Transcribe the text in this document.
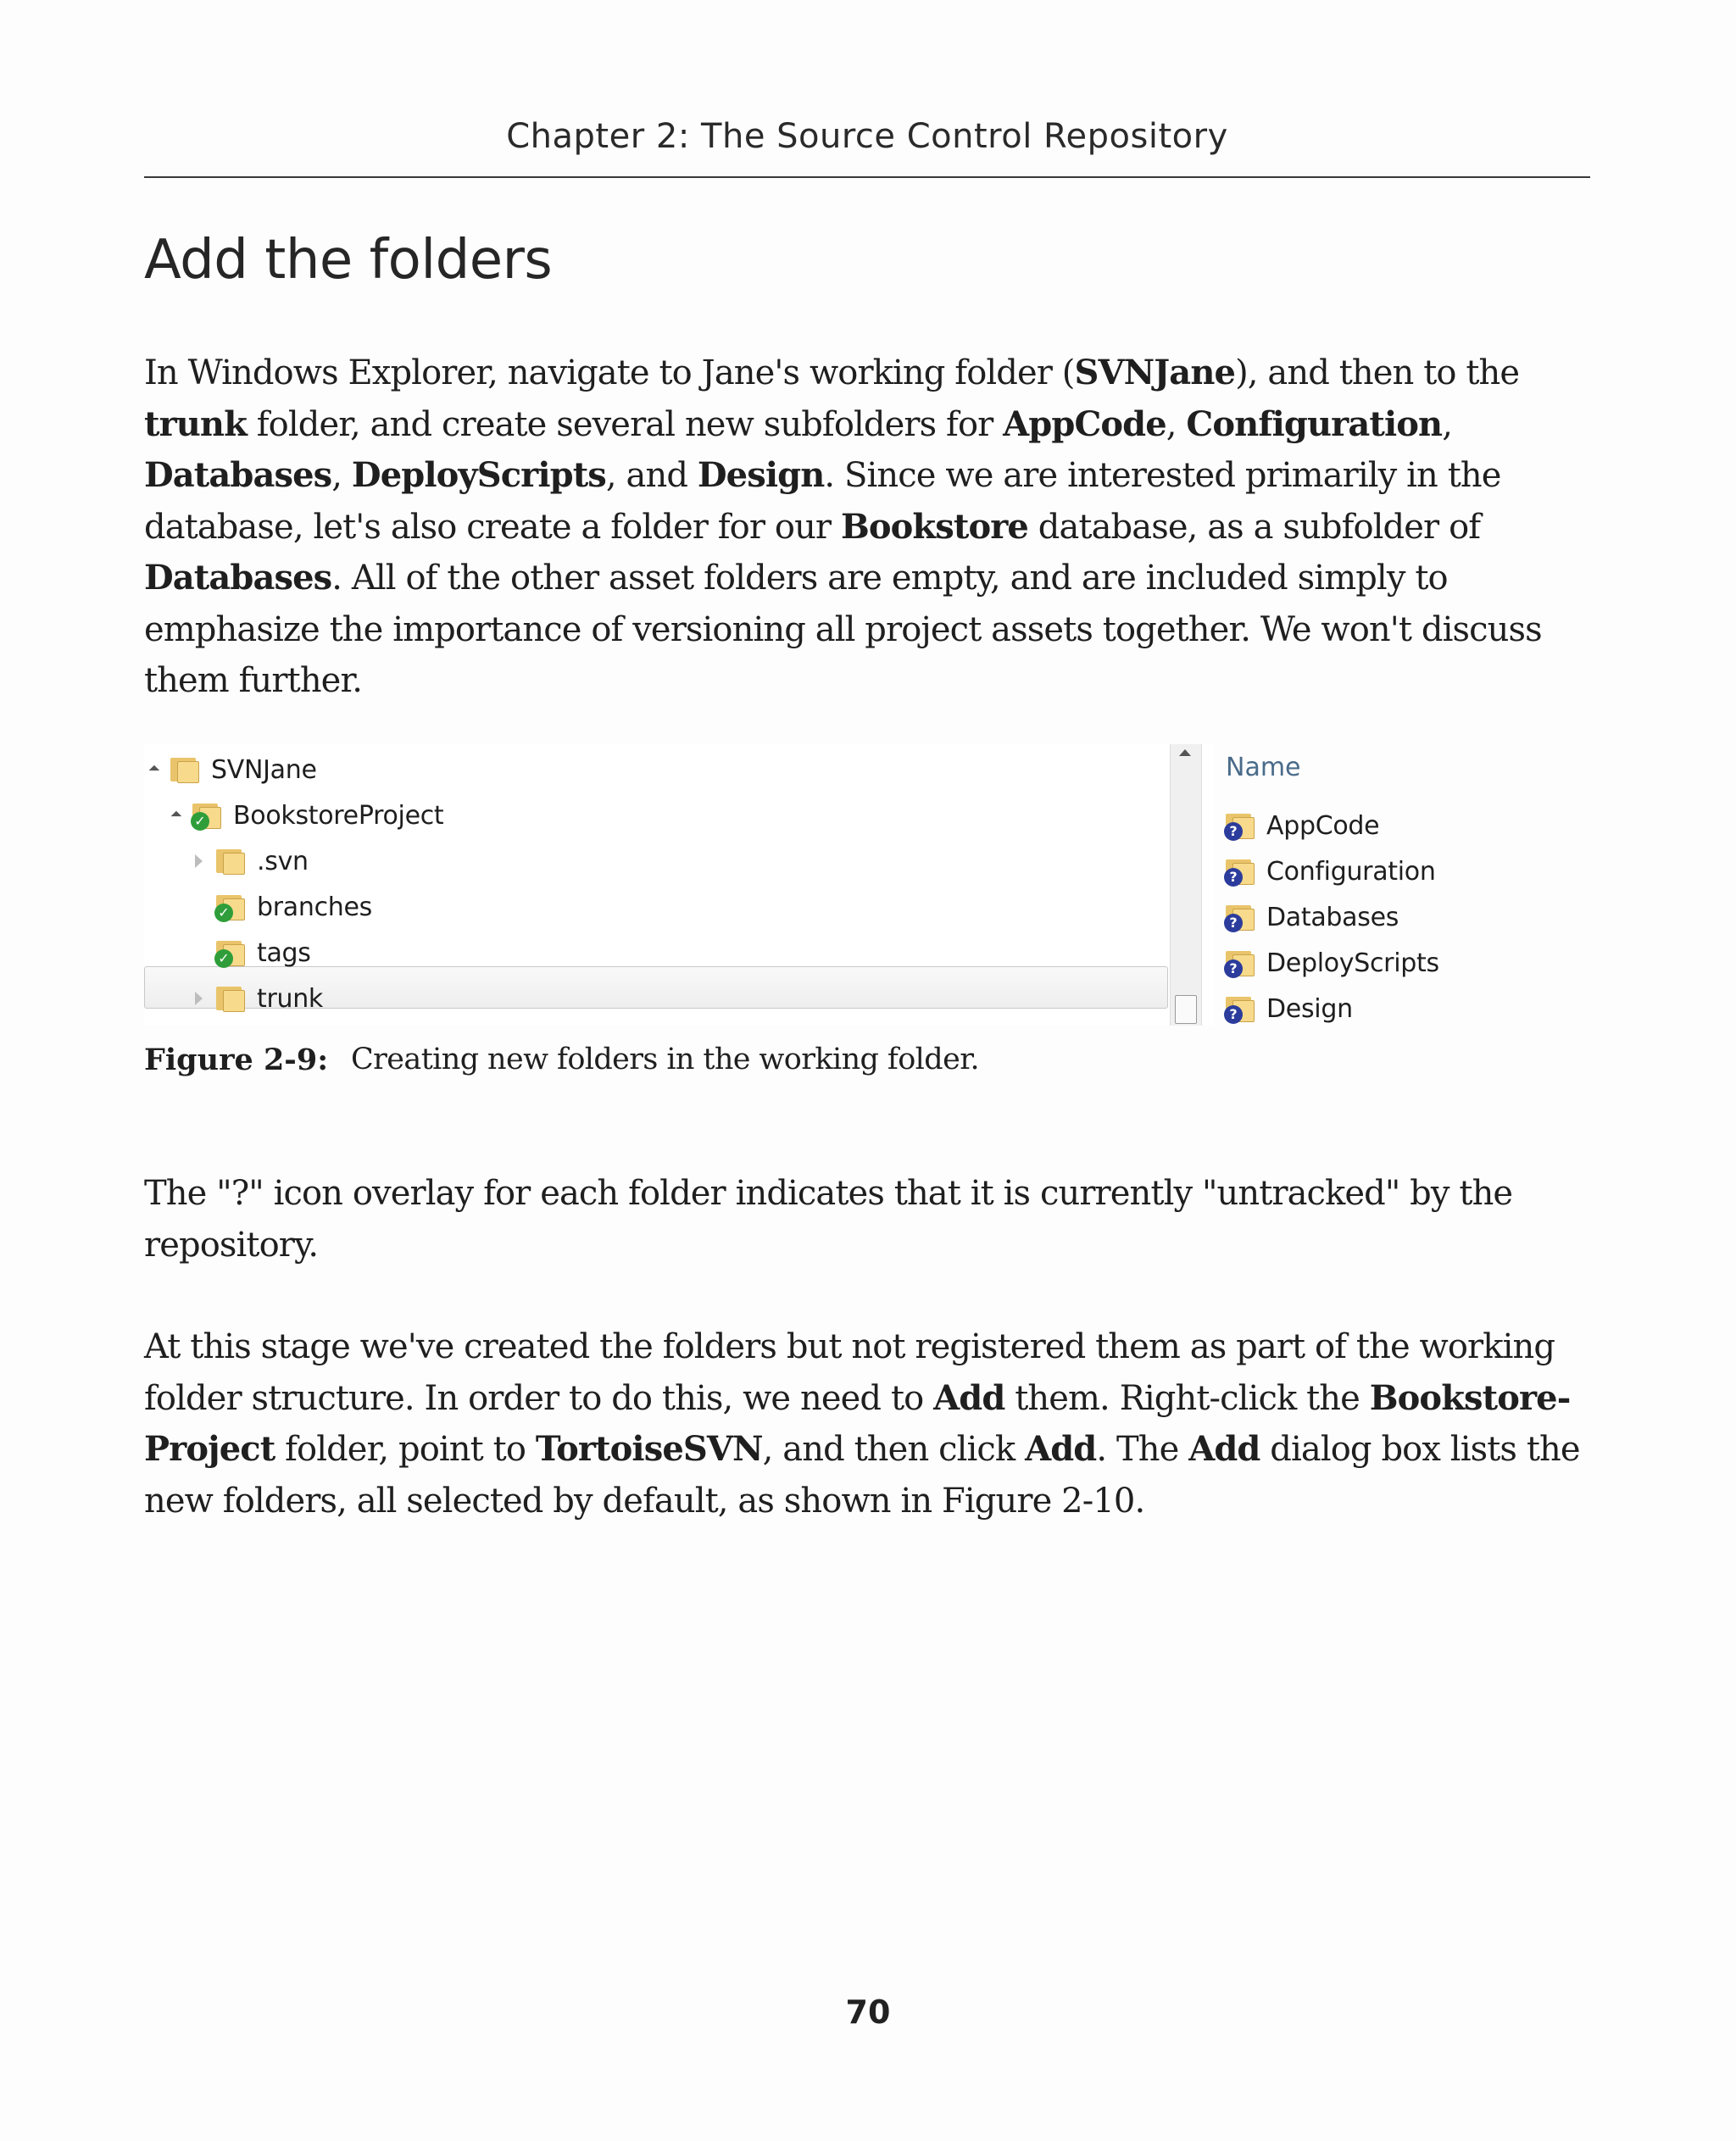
Chapter 2: The Source Control Repository
Add the folders

In Windows Explorer, navigate to Jane's working folder (SVNJane), and then to the trunk folder, and create several new subfolders for AppCode, Configuration, Databases, DeployScripts, and Design. Since we are interested primarily in the database, let's also create a folder for our Bookstore database, as a subfolder of Databases. All of the other asset folders are empty, and are included simply to emphasize the importance of versioning all project assets together. We won't discuss them further.

SVNJane
✓ BookstoreProject
.svn
✓ branches
✓ tags
trunk
Name
? AppCode
? Configuration
? Databases
? DeployScripts
? Design
Figure 2-9: Creating new folders in the working folder.

The "?" icon overlay for each folder indicates that it is currently "untracked" by the repository.

At this stage we've created the folders but not registered them as part of the working folder structure. In order to do this, we need to Add them. Right-click the Bookstore-Project folder, point to TortoiseSVN, and then click Add. The Add dialog box lists the new folders, all selected by default, as shown in Figure 2-10.

70
